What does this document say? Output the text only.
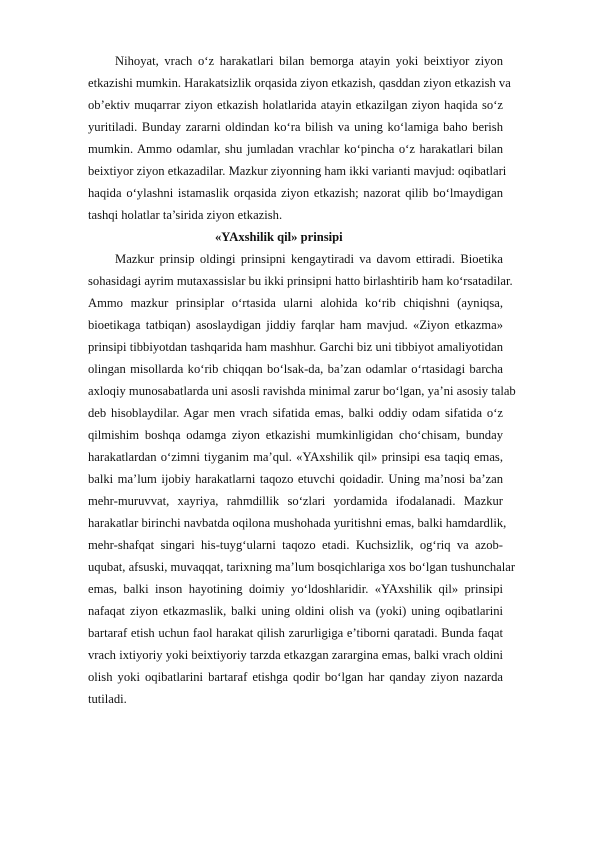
Nihoyat, vrach o‘z harakatlari bilan bemorga atayin yoki beixtiyor ziyon
etkazishi mumkin. Harakatsizlik orqasida ziyon etkazish, qasddan ziyon etkazish va
ob’ektiv muqarrar ziyon etkazish holatlarida atayin etkazilgan ziyon haqida so‘z
yuritiladi. Bunday zararni oldindan ko‘ra bilish va uning ko‘lamiga baho berish
mumkin. Ammo odamlar, shu jumladan vrachlar ko‘pincha o‘z harakatlari bilan
beixtiyor ziyon etkazadilar. Mazkur ziyonning ham ikki varianti mavjud: oqibatlari
haqida o‘ylashni istamaslik orqasida ziyon etkazish; nazorat qilib bo‘lmaydigan
tashqi holatlar ta’sirida ziyon etkazish.
«YAxshilik qil» prinsipi
Mazkur prinsip oldingi prinsipni kengaytiradi va davom ettiradi. Bioetika
sohasidagi ayrim mutaxassislar bu ikki prinsipni hatto birlashtirib ham ko‘rsatadilar.
Ammo mazkur prinsiplar o‘rtasida ularni alohida ko‘rib chiqishni (ayniqsa,
bioetikaga tatbiqan) asoslaydigan jiddiy farqlar ham mavjud. «Ziyon etkazma»
prinsipi tibbiyotdan tashqarida ham mashhur. Garchi biz uni tibbiyot amaliyotidan
olingan misollarda ko‘rib chiqqan bo‘lsak-da, ba’zan odamlar o‘rtasidagi barcha
axloqiy munosabatlarda uni asosli ravishda minimal zarur bo‘lgan, ya’ni asosiy talab
deb hisoblaydilar. Agar men vrach sifatida emas, balki oddiy odam sifatida o‘z
qilmishim boshqa odamga ziyon etkazishi mumkinligidan cho‘chisam, bunday
harakatlardan o‘zimni tiyganim ma’qul. «YAxshilik qil» prinsipi esa taqiq emas,
balki ma’lum ijobiy harakatlarni taqozo etuvchi qoidadir. Uning ma’nosi ba’zan
mehr-muruvvat, xayriya, rahmdillik so‘zlari yordamida ifodalanadi. Mazkur
harakatlar birinchi navbatda oqilona mushohada yuritishni emas, balki hamdardlik,
mehr-shafqat singari his-tuyg‘ularni taqozo etadi. Kuchsizlik, og‘riq va azob-
uqubat, afsuski, muvaqqat, tarixning ma’lum bosqichlariga xos bo‘lgan tushunchalar
emas, balki inson hayotining doimiy yo‘ldoshlaridir. «YAxshilik qil» prinsipi
nafaqat ziyon etkazmaslik, balki uning oldini olish va (yoki) uning oqibatlarini
bartaraf etish uchun faol harakat qilish zarurligiga e’tiborni qaratadi. Bunda faqat
vrach ixtiyoriy yoki beixtiyoriy tarzda etkazgan zarargina emas, balki vrach oldini
olish yoki oqibatlarini bartaraf etishga qodir bo‘lgan har qanday ziyon nazarda
tutiladi.
